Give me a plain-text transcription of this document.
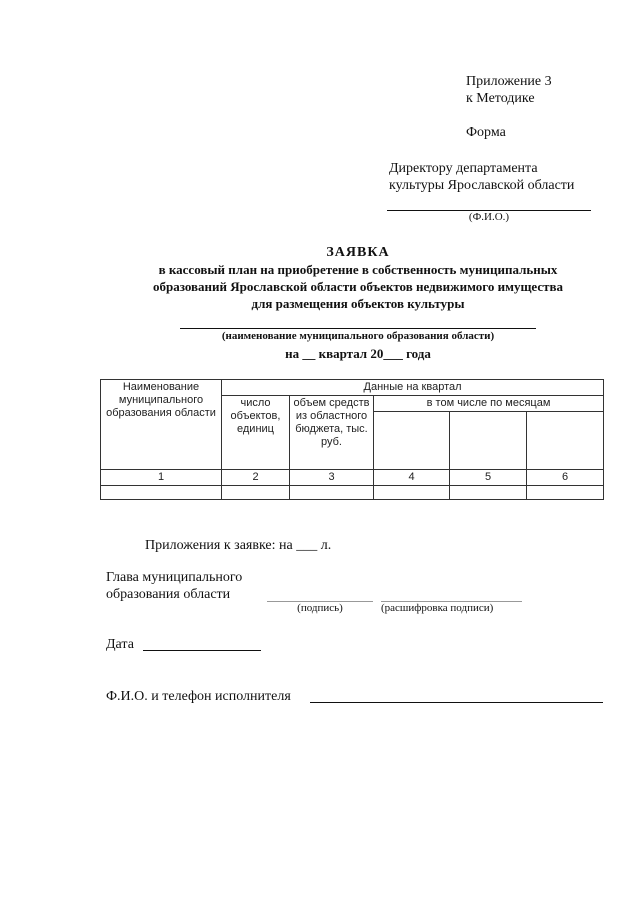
Приложение 3
к Методике
Форма
Директору департамента
культуры Ярославской области
(Ф.И.О.)
ЗАЯВКА
в кассовый план на приобретение в собственность муниципальных
образований Ярославской области объектов недвижимого имущества
для размещения объектов культуры
(наименование муниципального образования области)
на __ квартал 20___ года
Наименование муниципального образования области	Данные на квартал				
	число объектов, единиц	объем средств из областного бюджета, тыс. руб.	в том числе по месяцам		

1	2	3	4	5	6

Приложения к заявке: на ___ л.
Глава муниципального
образования области
(подпись)	(расшифровка подписи)
Дата
Ф.И.О. и телефон исполнителя
